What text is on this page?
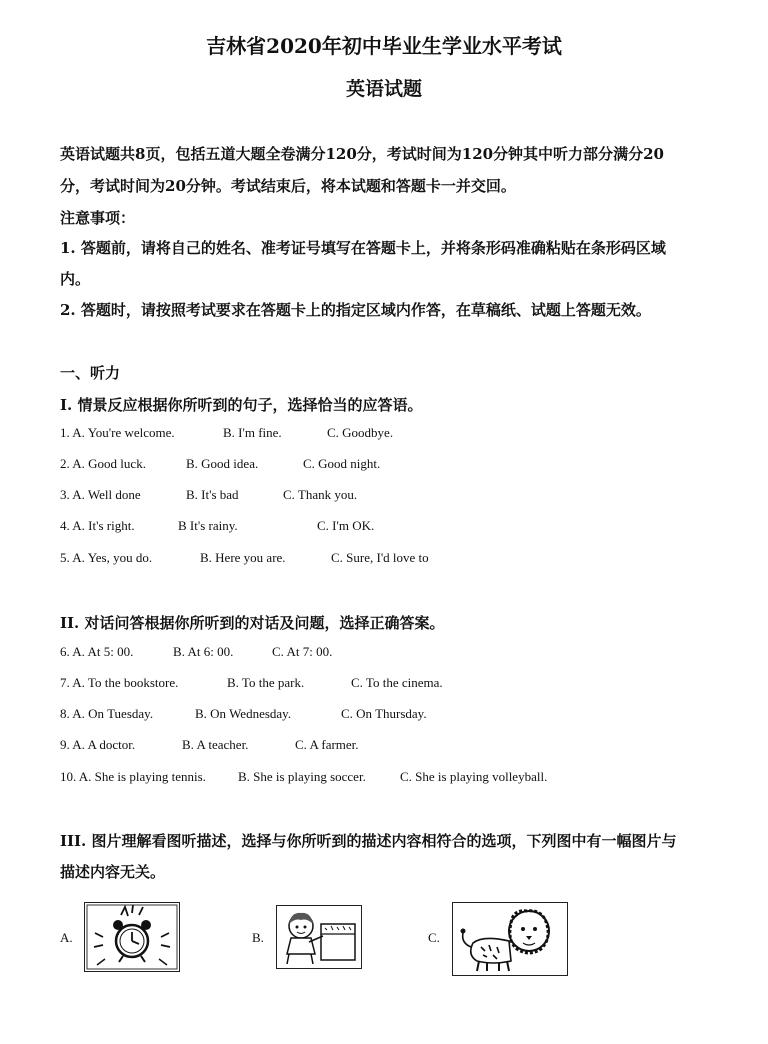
吉林省2020年初中毕业生学业水平考试
英语试题
英语试题共8页，包括五道大题全卷满分120分，考试时间为120分钟其中听力部分满分20
分，考试时间为20分钟。考试结束后，将本试题和答题卡一并交回。
注意事项：
1. 答题前，请将自己的姓名、准考证号填写在答题卡上，并将条形码准确粘贴在条形码区域
内。
2. 答题时，请按照考试要求在答题卡上的指定区域内作答，在草稿纸、试题上答题无效。
一、听力
I. 情景反应根据你所听到的句子，选择恰当的应答语。
1. A. You're welcome.	B. I'm fine.	C. Goodbye.
2. A. Good luck.	B. Good idea.	C. Good night.
3. A. Well done	B. It's bad	C. Thank you.
4. A. It's right.	B It's rainy.	C. I'm OK.
5. A. Yes, you do.	B. Here you are.	C. Sure, I'd love to
II. 对话问答根据你所听到的对话及问题，选择正确答案。
6. A. At 5: 00.	B. At 6: 00.	C. At 7: 00.
7. A. To the bookstore.	B. To the park.	C. To the cinema.
8. A. On Tuesday.	B. On Wednesday.	C. On Thursday.
9. A. A doctor.	B. A teacher.	C. A farmer.
10. A. She is playing tennis. B. She is playing soccer.	C. She is playing volleyball.
III. 图片理解看图听描述，选择与你所听到的描述内容相符合的选项，下列图中有一幅图片与
描述内容无关。
A.	B.	C.
